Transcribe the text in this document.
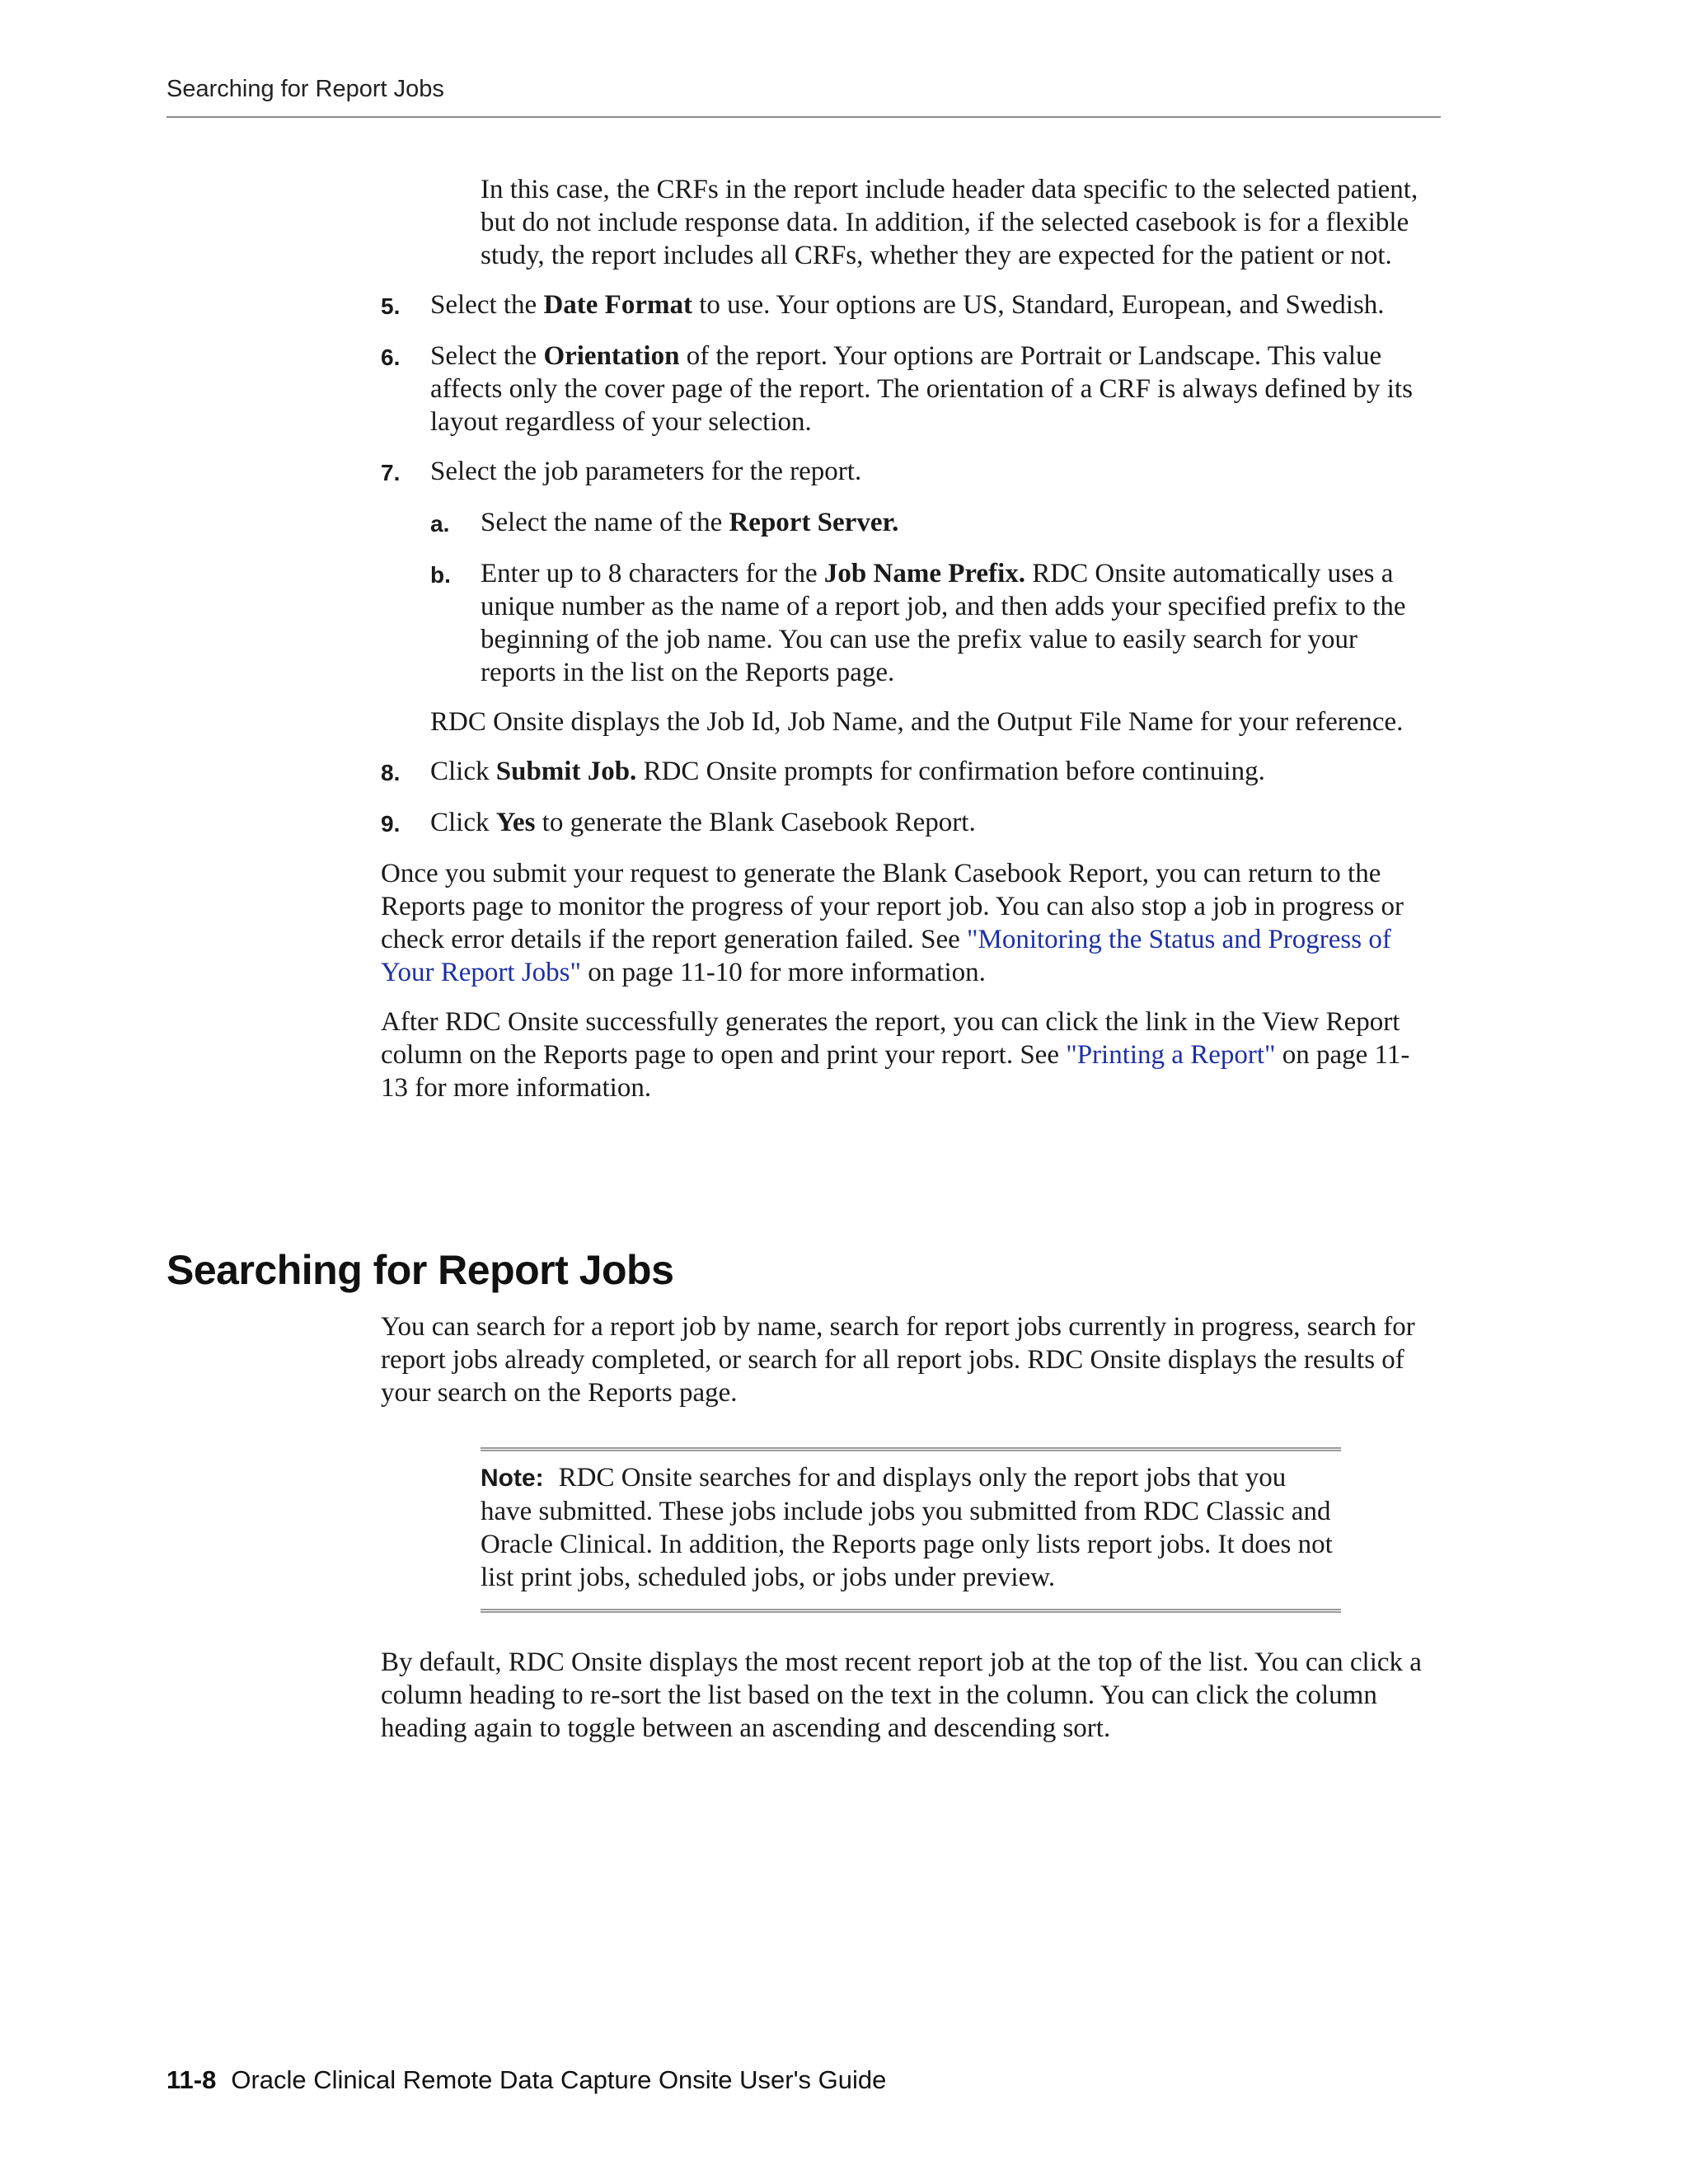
Searching for Report Jobs

In this case, the CRFs in the report include header data specific to the selected patient, but do not include response data. In addition, if the selected casebook is for a flexible study, the report includes all CRFs, whether they are expected for the patient or not.

5.	Select the Date Format to use. Your options are US, Standard, European, and Swedish.

6.	Select the Orientation of the report. Your options are Portrait or Landscape. This value affects only the cover page of the report. The orientation of a CRF is always defined by its layout regardless of your selection.

7.	Select the job parameters for the report.

a.	Select the name of the Report Server.

b.	Enter up to 8 characters for the Job Name Prefix. RDC Onsite automatically uses a unique number as the name of a report job, and then adds your specified prefix to the beginning of the job name. You can use the prefix value to easily search for your reports in the list on the Reports page.

RDC Onsite displays the Job Id, Job Name, and the Output File Name for your reference.

8.	Click Submit Job. RDC Onsite prompts for confirmation before continuing.

9.	Click Yes to generate the Blank Casebook Report.

Once you submit your request to generate the Blank Casebook Report, you can return to the Reports page to monitor the progress of your report job. You can also stop a job in progress or check error details if the report generation failed. See "Monitoring the Status and Progress of Your Report Jobs" on page 11-10 for more information.

After RDC Onsite successfully generates the report, you can click the link in the View Report column on the Reports page to open and print your report. See "Printing a Report" on page 11-13 for more information.

Searching for Report Jobs

You can search for a report job by name, search for report jobs currently in progress, search for report jobs already completed, or search for all report jobs. RDC Onsite displays the results of your search on the Reports page.

Note: RDC Onsite searches for and displays only the report jobs that you have submitted. These jobs include jobs you submitted from RDC Classic and Oracle Clinical. In addition, the Reports page only lists report jobs. It does not list print jobs, scheduled jobs, or jobs under preview.

By default, RDC Onsite displays the most recent report job at the top of the list. You can click a column heading to re-sort the list based on the text in the column. You can click the column heading again to toggle between an ascending and descending sort.

11-8 Oracle Clinical Remote Data Capture Onsite User's Guide
